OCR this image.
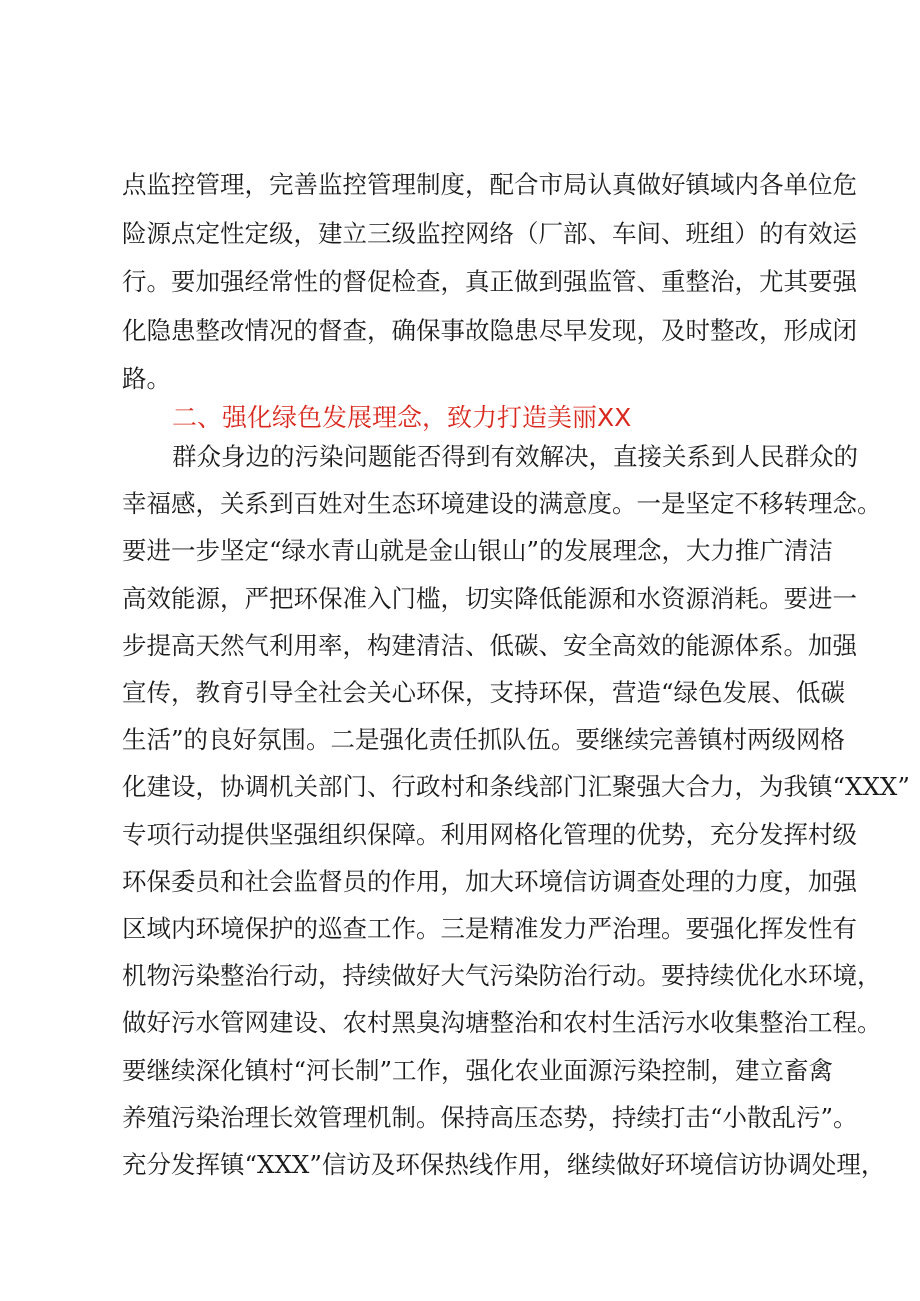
点监控管理，完善监控管理制度，配合市局认真做好镇域内各单位危
险源点定性定级，建立三级监控网络（厂部、车间、班组）的有效运
行。要加强经常性的督促检查，真正做到强监管、重整治，尤其要强
化隐患整改情况的督查，确保事故隐患尽早发现，及时整改，形成闭
路。
二、强化绿色发展理念，致力打造美丽XX
群众身边的污染问题能否得到有效解决，直接关系到人民群众的
幸福感，关系到百姓对生态环境建设的满意度。一是坚定不移转理念。
要进一步坚定“绿水青山就是金山银山”的发展理念，大力推广清洁
高效能源，严把环保准入门槛，切实降低能源和水资源消耗。要进一
步提高天然气利用率，构建清洁、低碳、安全高效的能源体系。加强
宣传，教育引导全社会关心环保，支持环保，营造“绿色发展、低碳
生活”的良好氛围。二是强化责任抓队伍。要继续完善镇村两级网格
化建设，协调机关部门、行政村和条线部门汇聚强大合力，为我镇“XXX”
专项行动提供坚强组织保障。利用网格化管理的优势，充分发挥村级
环保委员和社会监督员的作用，加大环境信访调查处理的力度，加强
区域内环境保护的巡查工作。三是精准发力严治理。要强化挥发性有
机物污染整治行动，持续做好大气污染防治行动。要持续优化水环境，
做好污水管网建设、农村黑臭沟塘整治和农村生活污水收集整治工程。
要继续深化镇村“河长制”工作，强化农业面源污染控制，建立畜禽
养殖污染治理长效管理机制。保持高压态势，持续打击“小散乱污”。
充分发挥镇“XXX”信访及环保热线作用，继续做好环境信访协调处理，
